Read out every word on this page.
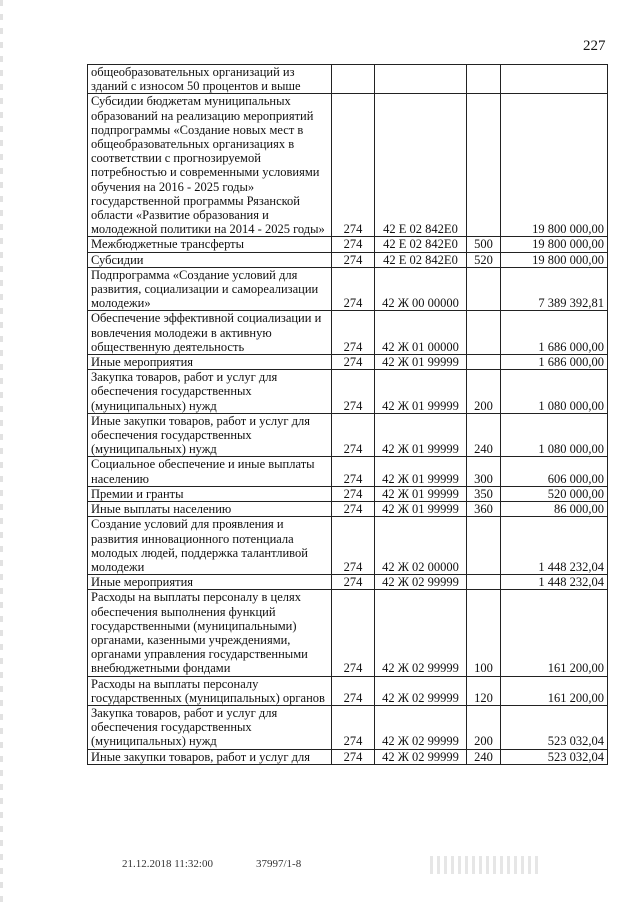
227
общеобразовательных организаций из зданий с износом 50 процентов и выше				
Субсидии бюджетам муниципальных образований на реализацию мероприятий подпрограммы «Создание новых мест в общеобразовательных организациях в соответствии с прогнозируемой потребностью и современными условиями обучения на 2016 - 2025 годы» государственной программы Рязанской области «Развитие образования и молодежной политики на 2014 - 2025 годы»	274	42 Е 02 842Е0		19 800 000,00
Межбюджетные трансферты	274	42 Е 02 842Е0	500	19 800 000,00
Субсидии	274	42 Е 02 842Е0	520	19 800 000,00
Подпрограмма «Создание условий для развития, социализации и самореализации молодежи»	274	42 Ж 00 00000		7 389 392,81
Обеспечение эффективной социализации и вовлечения молодежи в активную общественную деятельность	274	42 Ж 01 00000		1 686 000,00
Иные мероприятия	274	42 Ж 01 99999		1 686 000,00
Закупка товаров, работ и услуг для обеспечения государственных (муниципальных) нужд	274	42 Ж 01 99999	200	1 080 000,00
Иные закупки товаров, работ и услуг для обеспечения государственных (муниципальных) нужд	274	42 Ж 01 99999	240	1 080 000,00
Социальное обеспечение и иные выплаты населению	274	42 Ж 01 99999	300	606 000,00
Премии и гранты	274	42 Ж 01 99999	350	520 000,00
Иные выплаты населению	274	42 Ж 01 99999	360	86 000,00
Создание условий для проявления и развития инновационного потенциала молодых людей, поддержка талантливой молодежи	274	42 Ж 02 00000		1 448 232,04
Иные мероприятия	274	42 Ж 02 99999		1 448 232,04
Расходы на выплаты персоналу в целях обеспечения выполнения функций государственными (муниципальными) органами, казенными учреждениями, органами управления государственными внебюджетными фондами	274	42 Ж 02 99999	100	161 200,00
Расходы на выплаты персоналу государственных (муниципальных) органов	274	42 Ж 02 99999	120	161 200,00
Закупка товаров, работ и услуг для обеспечения государственных (муниципальных) нужд	274	42 Ж 02 99999	200	523 032,04
Иные закупки товаров, работ и услуг для	274	42 Ж 02 99999	240	523 032,04
21.12.2018 11:32:00	37997/1-8
